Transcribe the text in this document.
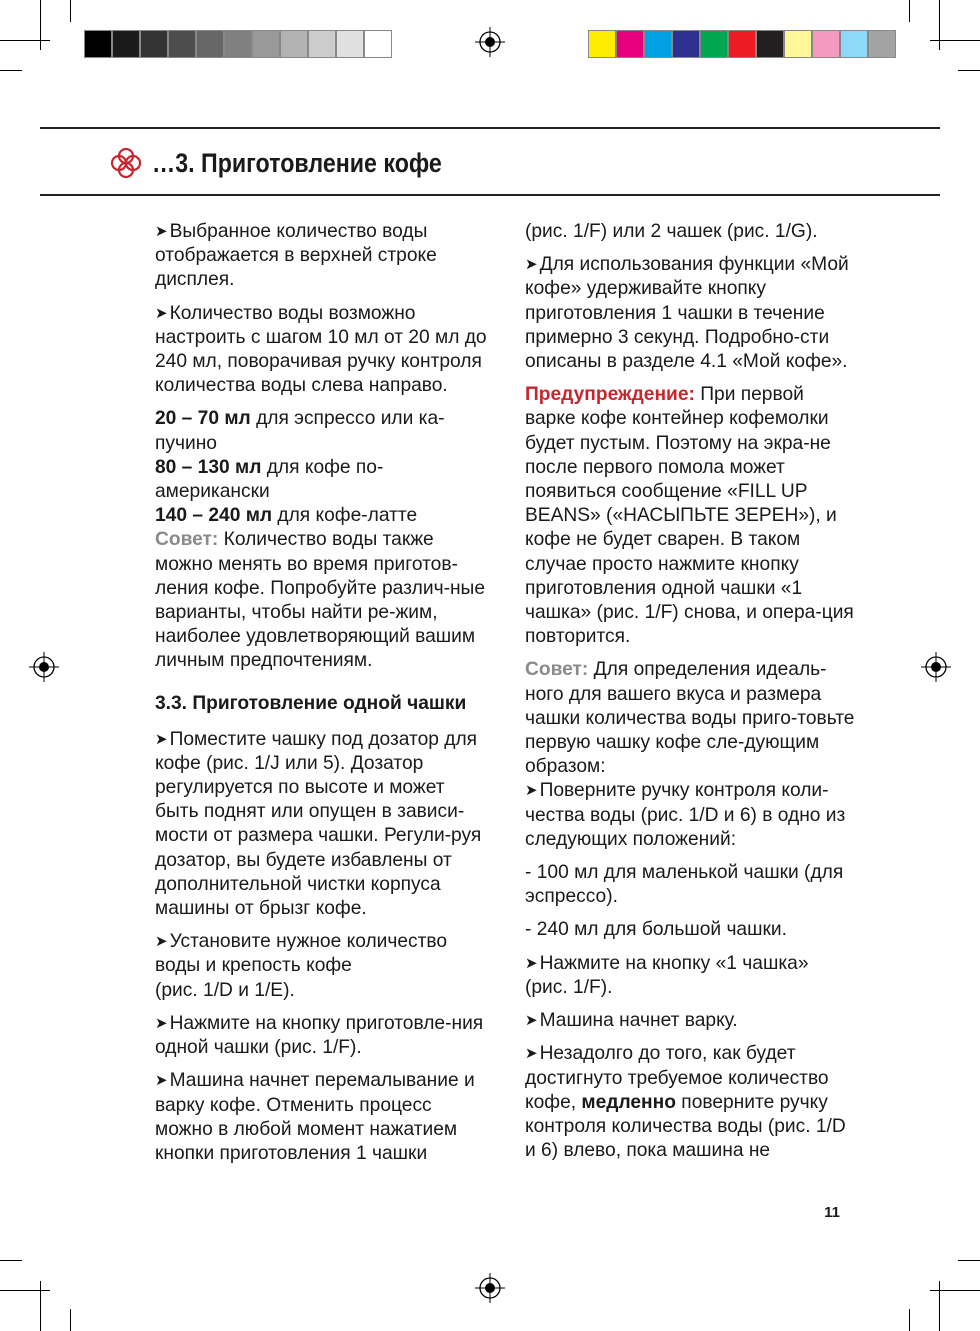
…3. Приготовление кофе

➤ Выбранное количество воды отображается в верхней строке дисплея.

➤ Количество воды возможно настроить с шагом 10 мл от 20 мл до 240 мл, поворачивая ручку контроля количества воды слева направо.

20 – 70 мл для эспрессо или ка-пучино

80 – 130 мл для кофе по-американски

140 – 240 мл для кофе-латте

Совет: Количество воды также можно менять во время приготов-ления кофе. Попробуйте различ-ные варианты, чтобы найти ре-жим, наиболее удовлетворяющий вашим личным предпочтениям.

3.3. Приготовление одной чашки

➤ Поместите чашку под дозатор для кофе (рис. 1/J или 5). Дозатор регулируется по высоте и может быть поднят или опущен в зависи-мости от размера чашки. Регули-руя дозатор, вы будете избавлены от дополнительной чистки корпуса машины от брызг кофе.

➤ Установите нужное количество воды и крепость кофе
(рис. 1/D и 1/E).

➤ Нажмите на кнопку приготовле-ния одной чашки (рис. 1/F).

➤ Машина начнет перемалывание и варку кофе. Отменить процесс можно в любой момент нажатием кнопки приготовления 1 чашки

(рис. 1/F) или 2 чашек (рис. 1/G).

➤ Для использования функции «Мой кофе» удерживайте кнопку приготовления 1 чашки в течение примерно 3 секунд. Подробно-сти описаны в разделе 4.1 «Мой кофе».

Предупреждение: При первой варке кофе контейнер кофемолки будет пустым. Поэтому на экра-не после первого помола может появиться сообщение «FILL UP BEANS» («НАСЫПЬТЕ ЗЕРЕН»), и кофе не будет сварен. В таком случае просто нажмите кнопку приготовления одной чашки «1 чашка» (рис. 1/F) снова, и опера-ция повторится.

Совет: Для определения идеаль-ного для вашего вкуса и размера чашки количества воды приго-товьте первую чашку кофе сле-дующим образом:

➤ Поверните ручку контроля коли-чества воды (рис. 1/D и 6) в одно из следующих положений:

- 100 мл для маленькой чашки (для эспрессо).

- 240 мл для большой чашки.

➤ Нажмите на кнопку «1 чашка» (рис. 1/F).

➤ Машина начнет варку.

➤ Незадолго до того, как будет достигнуто требуемое количество кофе, медленно поверните ручку контроля количества воды (рис. 1/D и 6) влево, пока машина не

11
